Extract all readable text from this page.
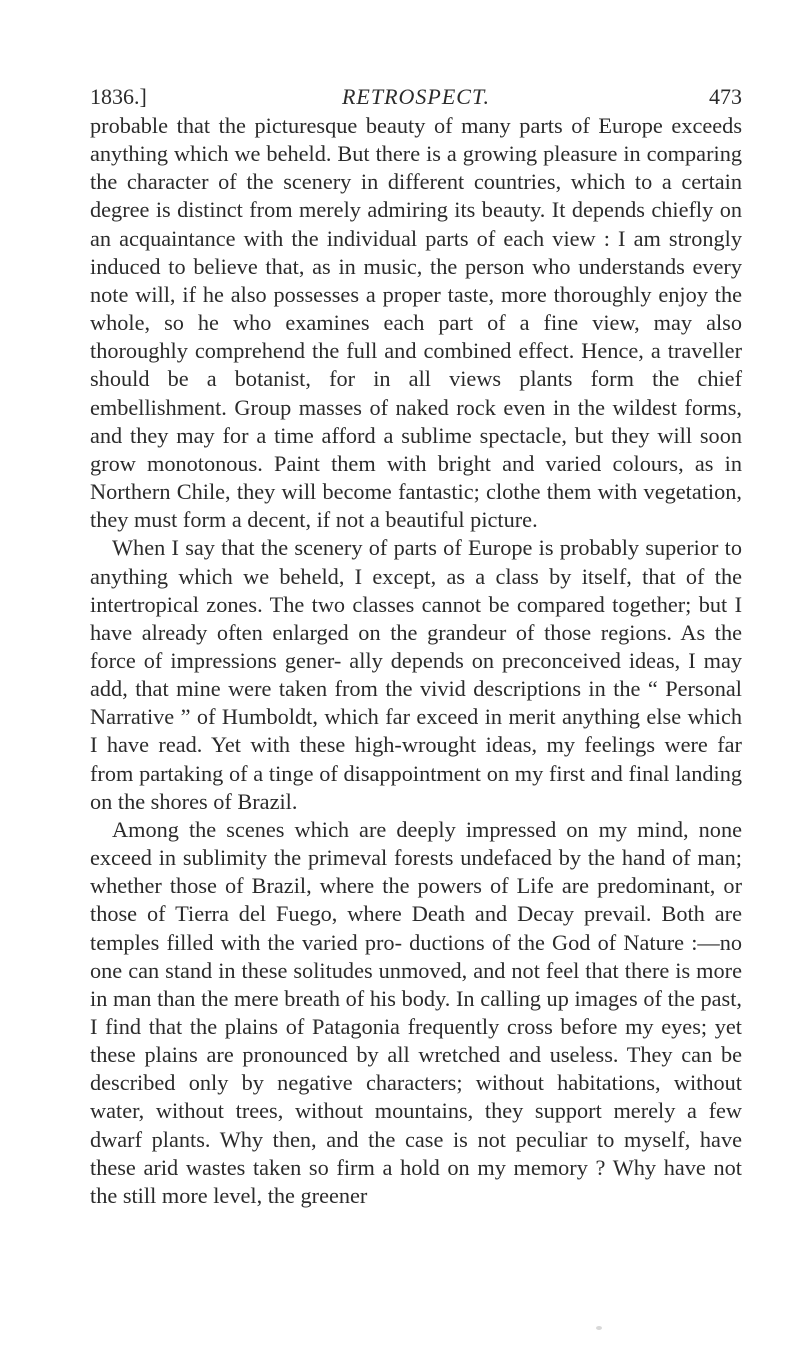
1836.]	RETROSPECT.	473

probable that the picturesque beauty of many parts of Europe exceeds anything which we beheld. But there is a growing pleasure in comparing the character of the scenery in different countries, which to a certain degree is distinct from merely admiring its beauty. It depends chiefly on an acquaintance with the individual parts of each view : I am strongly induced to believe that, as in music, the person who understands every note will, if he also possesses a proper taste, more thoroughly enjoy the whole, so he who examines each part of a fine view, may also thoroughly comprehend the full and combined effect. Hence, a traveller should be a botanist, for in all views plants form the chief embellishment. Group masses of naked rock even in the wildest forms, and they may for a time afford a sublime spectacle, but they will soon grow monotonous. Paint them with bright and varied colours, as in Northern Chile, they will become fantastic; clothe them with vegetation, they must form a decent, if not a beautiful picture.

When I say that the scenery of parts of Europe is probably superior to anything which we beheld, I except, as a class by itself, that of the intertropical zones. The two classes cannot be compared together; but I have already often enlarged on the grandeur of those regions. As the force of impressions gener- ally depends on preconceived ideas, I may add, that mine were taken from the vivid descriptions in the “ Personal Narrative ” of Humboldt, which far exceed in merit anything else which I have read. Yet with these high-wrought ideas, my feelings were far from partaking of a tinge of disappointment on my first and final landing on the shores of Brazil.

Among the scenes which are deeply impressed on my mind, none exceed in sublimity the primeval forests undefaced by the hand of man; whether those of Brazil, where the powers of Life are predominant, or those of Tierra del Fuego, where Death and Decay prevail. Both are temples filled with the varied pro- ductions of the God of Nature :—no one can stand in these solitudes unmoved, and not feel that there is more in man than the mere breath of his body. In calling up images of the past, I find that the plains of Patagonia frequently cross before my eyes; yet these plains are pronounced by all wretched and useless. They can be described only by negative characters; without habitations, without water, without trees, without mountains, they support merely a few dwarf plants. Why then, and the case is not peculiar to myself, have these arid wastes taken so firm a hold on my memory ? Why have not the still more level, the greener
